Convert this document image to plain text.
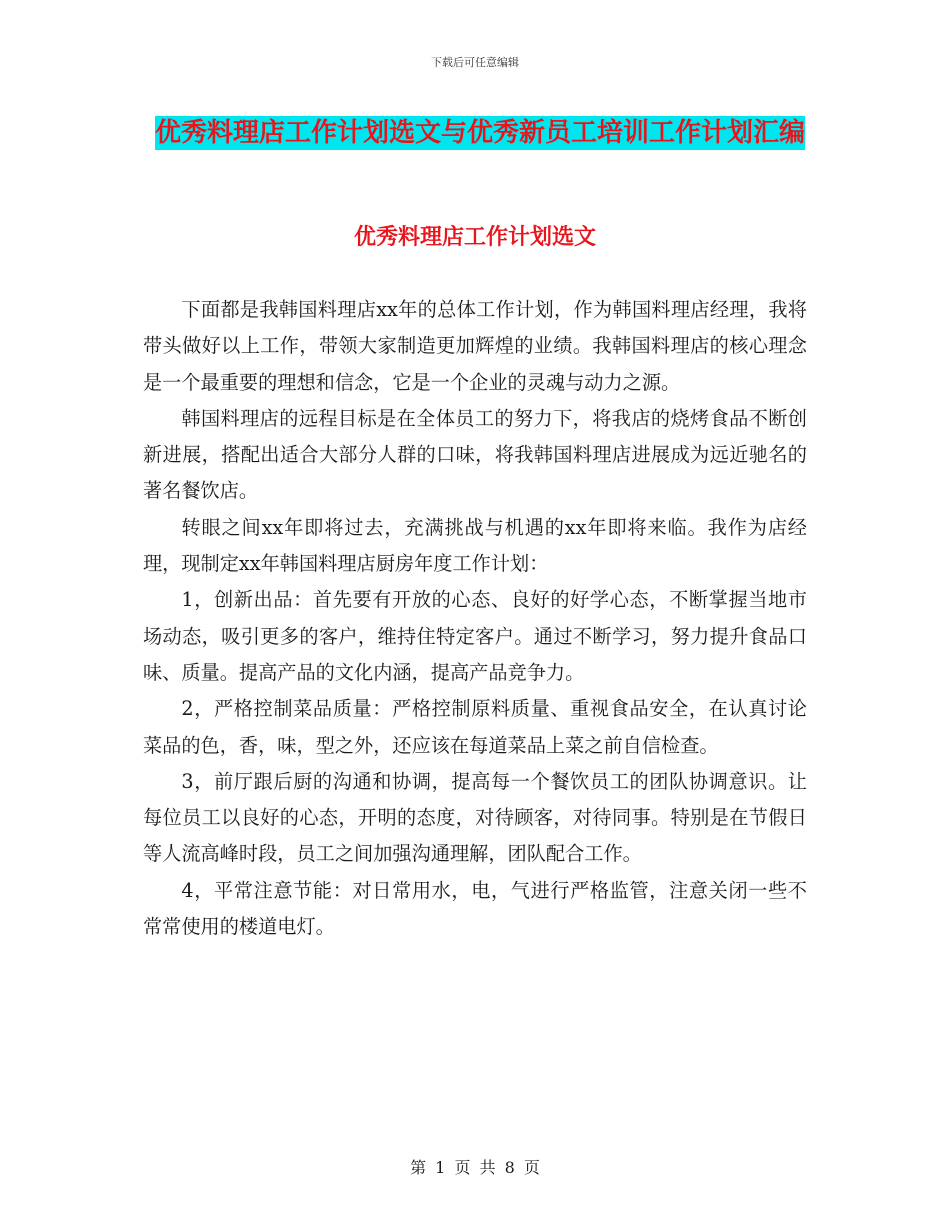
下载后可任意编辑
优秀料理店工作计划选文与优秀新员工培训工作计划汇编
优秀料理店工作计划选文

下面都是我韩国料理店xx年的总体工作计划，作为韩国料理店经理，我将带头做好以上工作，带领大家制造更加辉煌的业绩。我韩国料理店的核心理念是一个最重要的理想和信念，它是一个企业的灵魂与动力之源。

韩国料理店的远程目标是在全体员工的努力下，将我店的烧烤食品不断创新进展，搭配出适合大部分人群的口味，将我韩国料理店进展成为远近驰名的著名餐饮店。

转眼之间xx年即将过去，充满挑战与机遇的xx年即将来临。我作为店经理，现制定xx年韩国料理店厨房年度工作计划：

1，创新出品：首先要有开放的心态、良好的好学心态，不断掌握当地市场动态，吸引更多的客户，维持住特定客户。通过不断学习，努力提升食品口味、质量。提高产品的文化内涵，提高产品竞争力。

2，严格控制菜品质量：严格控制原料质量、重视食品安全，在认真讨论菜品的色，香，味，型之外，还应该在每道菜品上菜之前自信检查。

3，前厅跟后厨的沟通和协调，提高每一个餐饮员工的团队协调意识。让每位员工以良好的心态，开明的态度，对待顾客，对待同事。特别是在节假日等人流高峰时段，员工之间加强沟通理解，团队配合工作。

4，平常注意节能：对日常用水，电，气进行严格监管，注意关闭一些不常常使用的楼道电灯。

第 1 页 共 8 页
